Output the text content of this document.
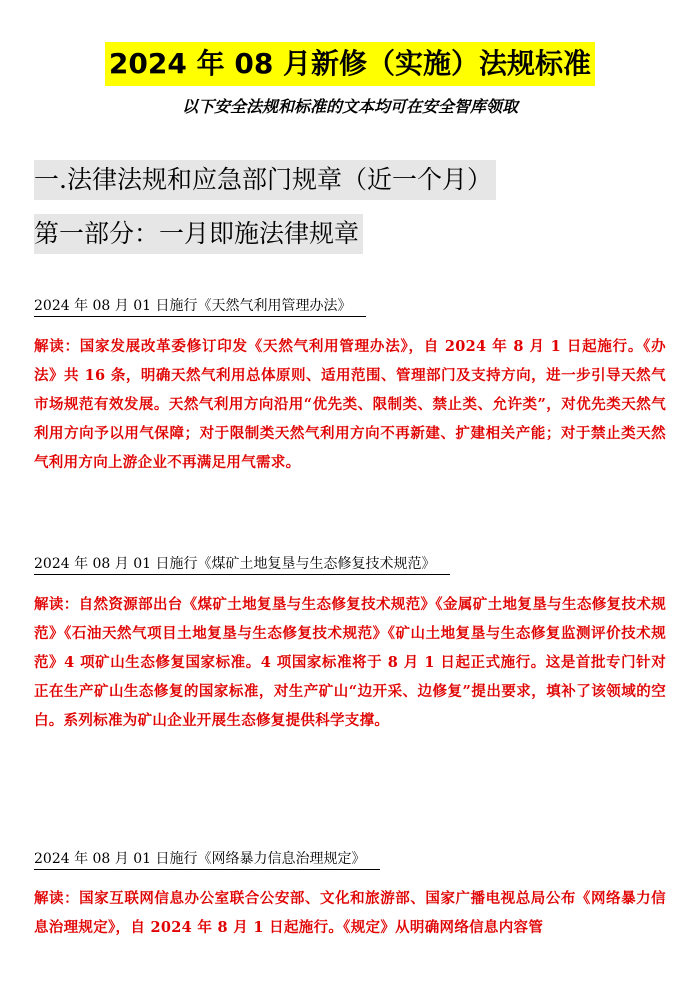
2024 年 08 月新修（实施）法规标准
以下安全法规和标准的文本均可在安全智库领取
一.法律法规和应急部门规章（近一个月）
第一部分：一月即施法律规章
2024 年 08 月 01 日施行《天然气利用管理办法》
解读：国家发展改革委修订印发《天然气利用管理办法》，自 2024 年 8 月 1 日起施行。《办法》共 16 条，明确天然气利用总体原则、适用范围、管理部门及支持方向，进一步引导天然气市场规范有效发展。天然气利用方向沿用“优先类、限制类、禁止类、允许类”，对优先类天然气利用方向予以用气保障；对于限制类天然气利用方向不再新建、扩建相关产能；对于禁止类天然气利用方向上游企业不再满足用气需求。
2024 年 08 月 01 日施行《煤矿土地复垦与生态修复技术规范》
解读：自然资源部出台《煤矿土地复垦与生态修复技术规范》《金属矿土地复垦与生态修复技术规范》《石油天然气项目土地复垦与生态修复技术规范》《矿山土地复垦与生态修复监测评价技术规范》4 项矿山生态修复国家标准。4 项国家标准将于 8 月 1 日起正式施行。这是首批专门针对正在生产矿山生态修复的国家标准，对生产矿山“边开采、边修复”提出要求，填补了该领域的空白。系列标准为矿山企业开展生态修复提供科学支撑。
2024 年 08 月 01 日施行《网络暴力信息治理规定》
解读：国家互联网信息办公室联合公安部、文化和旅游部、国家广播电视总局公布《网络暴力信息治理规定》，自 2024 年 8 月 1 日起施行。《规定》从明确网络信息内容管
